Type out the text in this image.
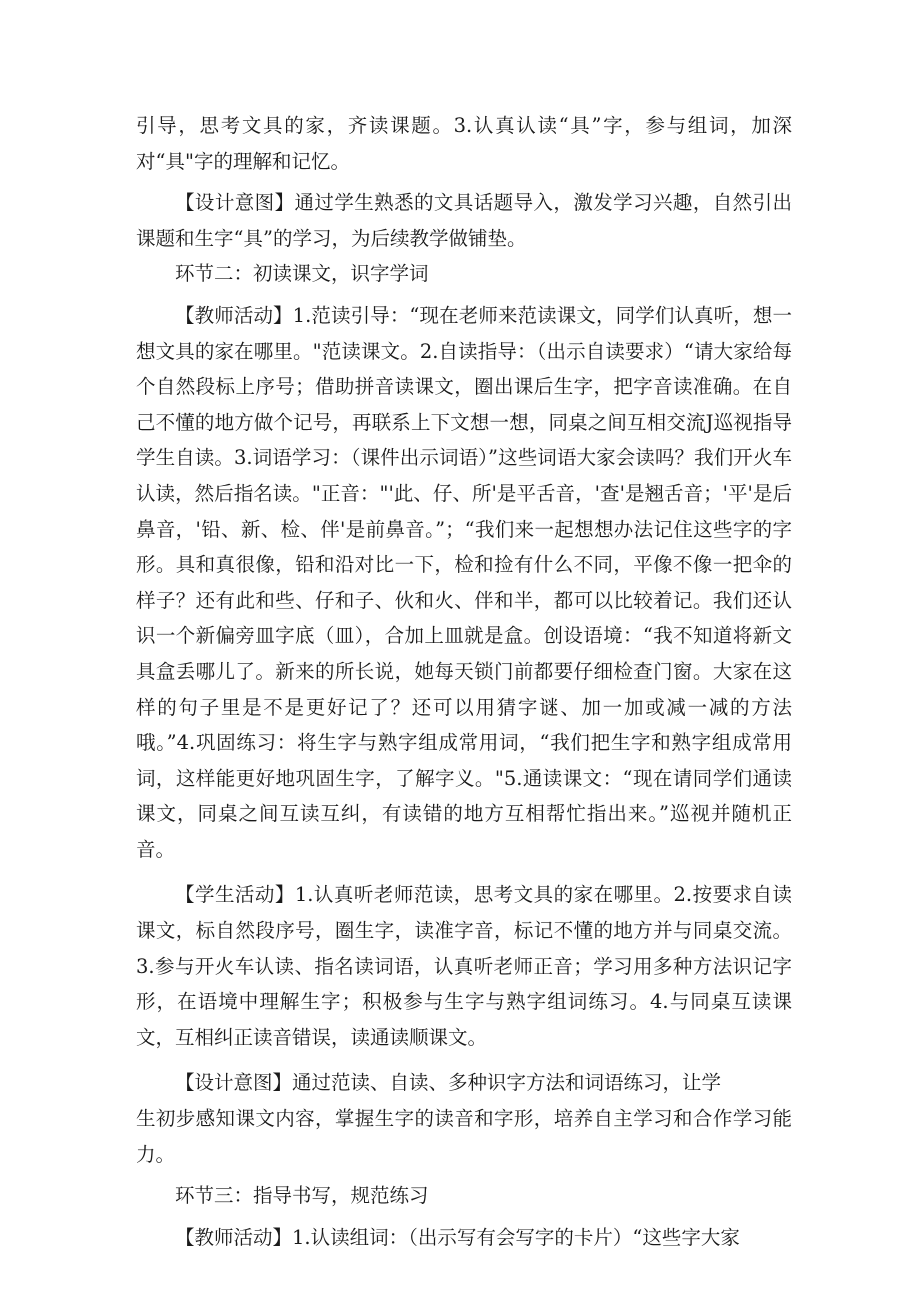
引导，思考文具的家，齐读课题。3.认真认读“具”字，参与组词，加深对“具"字的理解和记忆。

【设计意图】通过学生熟悉的文具话题导入，激发学习兴趣，自然引出课题和生字“具”的学习，为后续教学做铺垫。

环节二：初读课文，识字学词

【教师活动】1.范读引导：“现在老师来范读课文，同学们认真听，想一想文具的家在哪里。"范读课文。2.自读指导：（出示自读要求）“请大家给每个自然段标上序号；借助拼音读课文，圈出课后生字，把字音读准确。在自己不懂的地方做个记号，再联系上下文想一想，同桌之间互相交流J巡视指导学生自读。3.词语学习：（课件出示词语）”这些词语大家会读吗？我们开火车认读，然后指名读。"正音："'此、仔、所'是平舌音，'查'是翘舌音；'平'是后鼻音，'铅、新、检、伴'是前鼻音。”；“我们来一起想想办法记住这些字的字形。具和真很像，铅和沿对比一下，检和捡有什么不同，平像不像一把伞的样子？还有此和些、仔和子、伙和火、伴和半，都可以比较着记。我们还认识一个新偏旁皿字底（皿），合加上皿就是盒。创设语境：“我不知道将新文具盒丢哪儿了。新来的所长说，她每天锁门前都要仔细检查门窗。大家在这样的句子里是不是更好记了？还可以用猜字谜、加一加或减一减的方法哦。”4.巩固练习：将生字与熟字组成常用词，“我们把生字和熟字组成常用词，这样能更好地巩固生字，了解字义。"5.通读课文：“现在请同学们通读课文，同桌之间互读互纠，有读错的地方互相帮忙指出来。”巡视并随机正音。

【学生活动】1.认真听老师范读，思考文具的家在哪里。2.按要求自读课文，标自然段序号，圈生字，读准字音，标记不懂的地方并与同桌交流。3.参与开火车认读、指名读词语，认真听老师正音；学习用多种方法识记字形，在语境中理解生字；积极参与生字与熟字组词练习。4.与同桌互读课文，互相纠正读音错误，读通读顺课文。

【设计意图】通过范读、自读、多种识字方法和词语练习，让学

生初步感知课文内容，掌握生字的读音和字形，培养自主学习和合作学习能力。

环节三：指导书写，规范练习

【教师活动】1.认读组词：（出示写有会写字的卡片）“这些字大家
